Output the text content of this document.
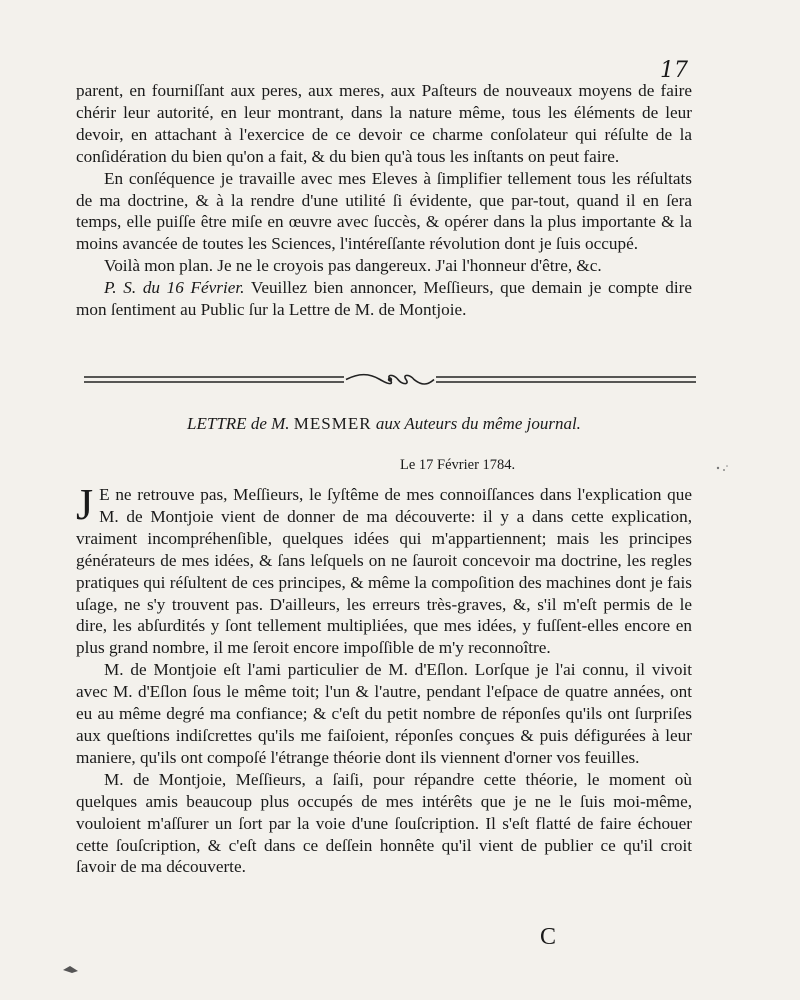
17

parent, en fourniſſant aux peres, aux meres, aux Paſteurs de nouveaux moyens de faire chérir leur autorité, en leur montrant, dans la nature même, tous les éléments de leur devoir, en attachant à l'exercice de ce devoir ce charme conſolateur qui réſulte de la conſidération du bien qu'on a fait, & du bien qu'à tous les inſtants on peut faire.

En conſéquence je travaille avec mes Eleves à ſimplifier tellement tous les réſultats de ma doctrine, & à la rendre d'une utilité ſi évidente, que par-tout, quand il en ſera temps, elle puiſſe être miſe en œuvre avec ſuccès, & opérer dans la plus importante & la moins avancée de toutes les Sciences, l'intéreſſante révolution dont je ſuis occupé.

Voilà mon plan. Je ne le croyois pas dangereux. J'ai l'honneur d'être, &c.

P. S. du 16 Février. Veuillez bien annoncer, Meſſieurs, que demain je compte dire mon ſentiment au Public ſur la Lettre de M. de Montjoie.

LETTRE de M. MESMER aux Auteurs du même journal.
Le 17 Février 1784.

J E ne retrouve pas, Meſſieurs, le ſyſtême de mes connoiſſances dans l'explication que M. de Montjoie vient de donner de ma découverte: il y a dans cette explication, vraiment incompréhenſible, quelques idées qui m'appartiennent; mais les principes générateurs de mes idées, & ſans leſquels on ne ſauroit concevoir ma doctrine, les regles pratiques qui réſultent de ces principes, & même la compoſition des machines dont je fais uſage, ne s'y trouvent pas. D'ailleurs, les erreurs très-graves, &, s'il m'eſt permis de le dire, les abſurdités y ſont tellement multipliées, que mes idées, y fuſſent-elles encore en plus grand nombre, il me ſeroit encore impoſſible de m'y reconnoître.

M. de Montjoie eſt l'ami particulier de M. d'Eſlon. Lorſque je l'ai connu, il vivoit avec M. d'Eſlon ſous le même toit; l'un & l'autre, pendant l'eſpace de quatre années, ont eu au même degré ma confiance; & c'eſt du petit nombre de réponſes qu'ils ont ſurpriſes aux queſtions indiſcrettes qu'ils me faiſoient, réponſes conçues & puis défigurées à leur maniere, qu'ils ont compoſé l'étrange théorie dont ils viennent d'orner vos feuilles.

M. de Montjoie, Meſſieurs, a ſaiſi, pour répandre cette théorie, le moment où quelques amis beaucoup plus occupés de mes intérêts que je ne le ſuis moi-même, vouloient m'aſſurer un ſort par la voie d'une ſouſcription. Il s'eſt flatté de faire échouer cette ſouſcription, & c'eſt dans ce deſſein honnête qu'il vient de publier ce qu'il croit ſavoir de ma découverte.

C
